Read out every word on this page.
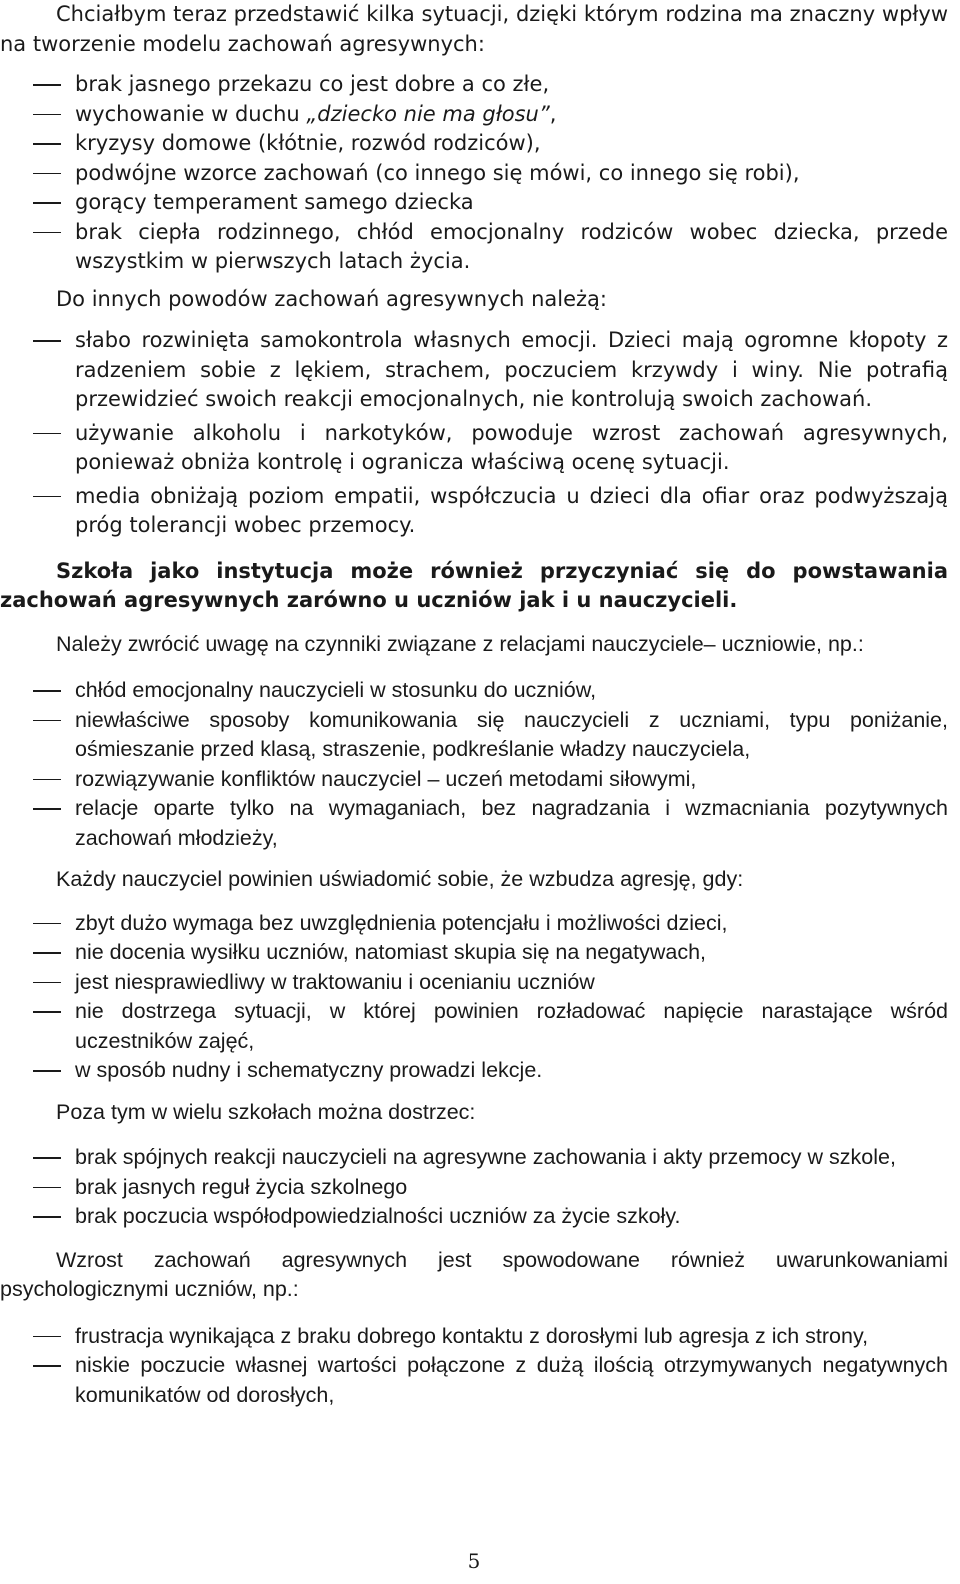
Chciałbym teraz przedstawić kilka sytuacji, dzięki którym rodzina ma znaczny wpływ na tworzenie modelu zachowań agresywnych:

brak jasnego przekazu co jest dobre a co złe,
wychowanie w duchu „dziecko nie ma głosu”,
kryzysy domowe (kłótnie, rozwód rodziców),
podwójne wzorce zachowań (co innego się mówi, co innego się robi),
gorący temperament samego dziecka
brak ciepła rodzinnego, chłód emocjonalny rodziców wobec dziecka, przede wszystkim w pierwszych latach życia.

Do innych powodów zachowań agresywnych należą:

słabo rozwinięta samokontrola własnych emocji. Dzieci mają ogromne kłopoty z radzeniem sobie z lękiem, strachem, poczuciem krzywdy i winy. Nie potrafią przewidzieć swoich reakcji emocjonalnych, nie kontrolują swoich zachowań.
używanie alkoholu i narkotyków, powoduje wzrost zachowań agresywnych, ponieważ obniża kontrolę i ogranicza właściwą ocenę sytuacji.
media obniżają poziom empatii, współczucia u dzieci dla ofiar oraz podwyższają próg tolerancji wobec przemocy.

Szkoła jako instytucja może również przyczyniać się do powstawania zachowań agresywnych zarówno u uczniów jak i u nauczycieli.

Należy zwrócić uwagę na czynniki związane z relacjami nauczyciele– uczniowie, np.:

chłód emocjonalny nauczycieli w stosunku do uczniów,
niewłaściwe sposoby komunikowania się nauczycieli z uczniami, typu poniżanie, ośmieszanie przed klasą, straszenie, podkreślanie władzy nauczyciela,
rozwiązywanie konfliktów nauczyciel – uczeń metodami siłowymi,
relacje oparte tylko na wymaganiach, bez nagradzania i wzmacniania pozytywnych zachowań młodzieży,

Każdy nauczyciel powinien uświadomić sobie, że wzbudza agresję, gdy:

zbyt dużo wymaga bez uwzględnienia potencjału i możliwości dzieci,
nie docenia wysiłku uczniów, natomiast skupia się na negatywach,
jest niesprawiedliwy w traktowaniu i ocenianiu uczniów
nie dostrzega sytuacji, w której powinien rozładować napięcie narastające wśród uczestników zajęć,
w sposób nudny i schematyczny prowadzi lekcje.

Poza tym w wielu szkołach można dostrzec:

brak spójnych reakcji nauczycieli na agresywne zachowania i akty przemocy w szkole,
brak jasnych reguł życia szkolnego
brak poczucia współodpowiedzialności uczniów za życie szkoły.

Wzrost zachowań agresywnych jest spowodowane również uwarunkowaniami psychologicznymi uczniów, np.:

frustracja wynikająca z braku dobrego kontaktu z dorosłymi lub agresja z ich strony,
niskie poczucie własnej wartości połączone z dużą ilością otrzymywanych negatywnych komunikatów od dorosłych,
5
